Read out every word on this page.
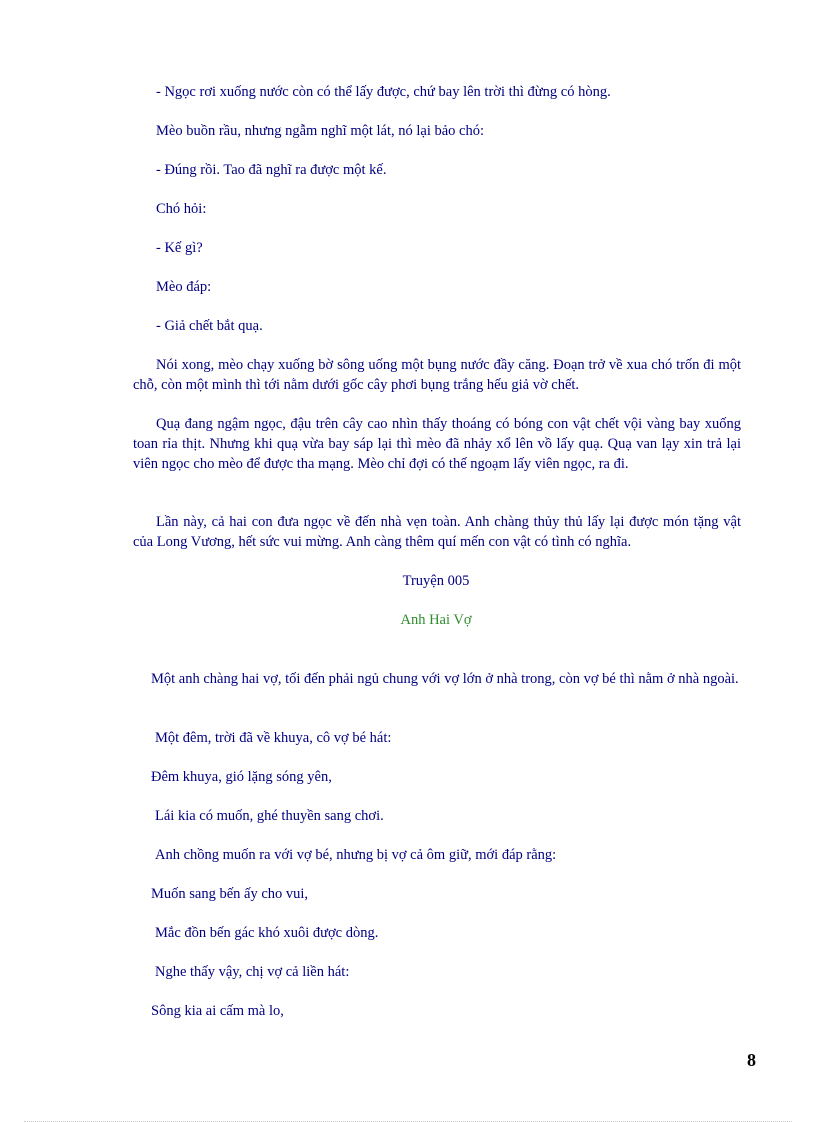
- Ngọc rơi xuống nước còn có thể lấy được, chứ bay lên trời thì đừng có hòng.
Mèo buồn rầu, nhưng ngẫm nghĩ một lát, nó lại bảo chó:
- Đúng rồi. Tao đã nghĩ ra được một kế.
Chó hỏi:
- Kế gì?
Mèo đáp:
- Giả chết bắt quạ.
Nói xong, mèo chạy xuống bờ sông uống một bụng nước đầy căng. Đoạn trở về xua chó trốn đi một chỗ, còn một mình thì tới nằm dưới gốc cây phơi bụng trắng hếu giả vờ chết.
Quạ đang ngậm ngọc, đậu trên cây cao nhìn thấy thoáng có bóng con vật chết vội vàng bay xuống toan rỉa thịt. Nhưng khi quạ vừa bay sáp lại thì mèo đã nhảy xổ lên vồ lấy quạ. Quạ van lạy xin trả lại viên ngọc cho mèo để được tha mạng. Mèo chỉ đợi có thế ngoạm lấy viên ngọc, ra đi.
Lần này, cả hai con đưa ngọc về đến nhà vẹn toàn. Anh chàng thủy thủ lấy lại được món tặng vật của Long Vương, hết sức vui mừng. Anh càng thêm quí mến con vật có tình có nghĩa.
Truyện 005
Anh Hai Vợ
Một anh chàng hai vợ, tối đến phải ngủ chung với vợ lớn ở nhà trong, còn vợ bé thì nằm ở nhà ngoài.
Một đêm, trời đã về khuya, cô vợ bé hát:
Đêm khuya, gió lặng sóng yên,
Lái kia có muốn, ghé thuyền sang chơi.
Anh chồng muốn ra với vợ bé, nhưng bị vợ cả ôm giữ, mới đáp rằng:
Muốn sang bến ấy cho vui,
Mắc đồn bến gác khó xuôi được dòng.
Nghe thấy vậy, chị vợ cả liền hát:
Sông kia ai cấm mà lo,
8
